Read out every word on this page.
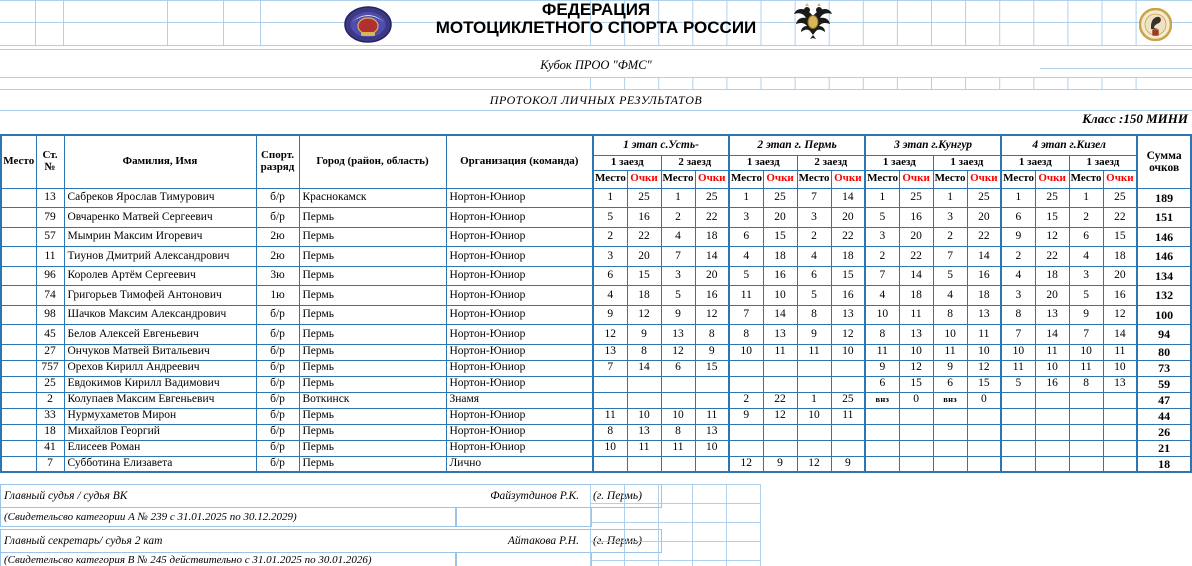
ФЕДЕРАЦИЯ
МОТОЦИКЛЕТНОГО СПОРТА РОССИИ
Кубок ПРОО "ФМС"
ПРОТОКОЛ ЛИЧНЫХ РЕЗУЛЬТАТОВ
Класс :150 МИНИ
Место	Ст. №	Фамилия, Имя	Спорт. разряд	Город (район, область)	Организация (команда)	1 этап с.Усть-				2 этап г. Пермь				3 этап г.Кунгур				4 этап г.Кизел				Сумма очков
						1 заезд		2 заезд		1 заезд		2 заезд		1 заезд		1 заезд		1 заезд		1 заезд		
						Место	Очки	Место	Очки	Место	Очки	Место	Очки	Место	Очки	Место	Очки	Место	Очки	Место	Очки	
	13	Сабреков Ярослав Тимурович	б/р	Краснокамск	Нортон-Юниор	1	25	1	25	1	25	7	14	1	25	1	25	1	25	1	25	189
	79	Овчаренко Матвей Сергеевич	б/р	Пермь	Нортон-Юниор	5	16	2	22	3	20	3	20	5	16	3	20	6	15	2	22	151
	57	Мымрин Максим Игоревич	2ю	Пермь	Нортон-Юниор	2	22	4	18	6	15	2	22	3	20	2	22	9	12	6	15	146
	11	Тиунов Дмитрий Александрович	2ю	Пермь	Нортон-Юниор	3	20	7	14	4	18	4	18	2	22	7	14	2	22	4	18	146
	96	Королев Артём Сергеевич	3ю	Пермь	Нортон-Юниор	6	15	3	20	5	16	6	15	7	14	5	16	4	18	3	20	134
	74	Григорьев Тимофей Антонович	1ю	Пермь	Нортон-Юниор	4	18	5	16	11	10	5	16	4	18	4	18	3	20	5	16	132
	98	Шачков Максим Александрович	б/р	Пермь	Нортон-Юниор	9	12	9	12	7	14	8	13	10	11	8	13	8	13	9	12	100
	45	Белов Алексей Евгеньевич	б/р	Пермь	Нортон-Юниор	12	9	13	8	8	13	9	12	8	13	10	11	7	14	7	14	94
	27	Ончуков Матвей Витальевич	б/р	Пермь	Нортон-Юниор	13	8	12	9	10	11	11	10	11	10	11	10	10	11	10	11	80
	757	Орехов Кирилл Андреевич	б/р	Пермь	Нортон-Юниор	7	14	6	15					9	12	9	12	11	10	11	10	73
	25	Евдокимов Кирилл Вадимович	б/р	Пермь	Нортон-Юниор									6	15	6	15	5	16	8	13	59
	2	Колупаев Максим Евгеньевич	б/р	Воткинск	Знамя					2	22	1	25	внз	0	внз	0					47
	33	Нурмухаметов Мирон	б/р	Пермь	Нортон-Юниор	11	10	10	11	9	12	10	11									44
	18	Михайлов Георгий	б/р	Пермь	Нортон-Юниор	8	13	8	13													26
	41	Елисеев Роман	б/р	Пермь	Нортон-Юниор	10	11	11	10													21
	7	Субботина Елизавета	б/р	Пермь	Лично					12	9	12	9									18
Главный судья / судья ВК	Файзутдинов Р.К. (г. Пермь)
(Свидетельсво категории А № 239 с 31.01.2025 по 30.12.2029)
Главный секретарь/ судья 2 кат	Айтакова Р.Н. (г. Пермь)
(Свидетельсво категория В № 245 действительно с 31.01.2025 по 30.01.2026)
